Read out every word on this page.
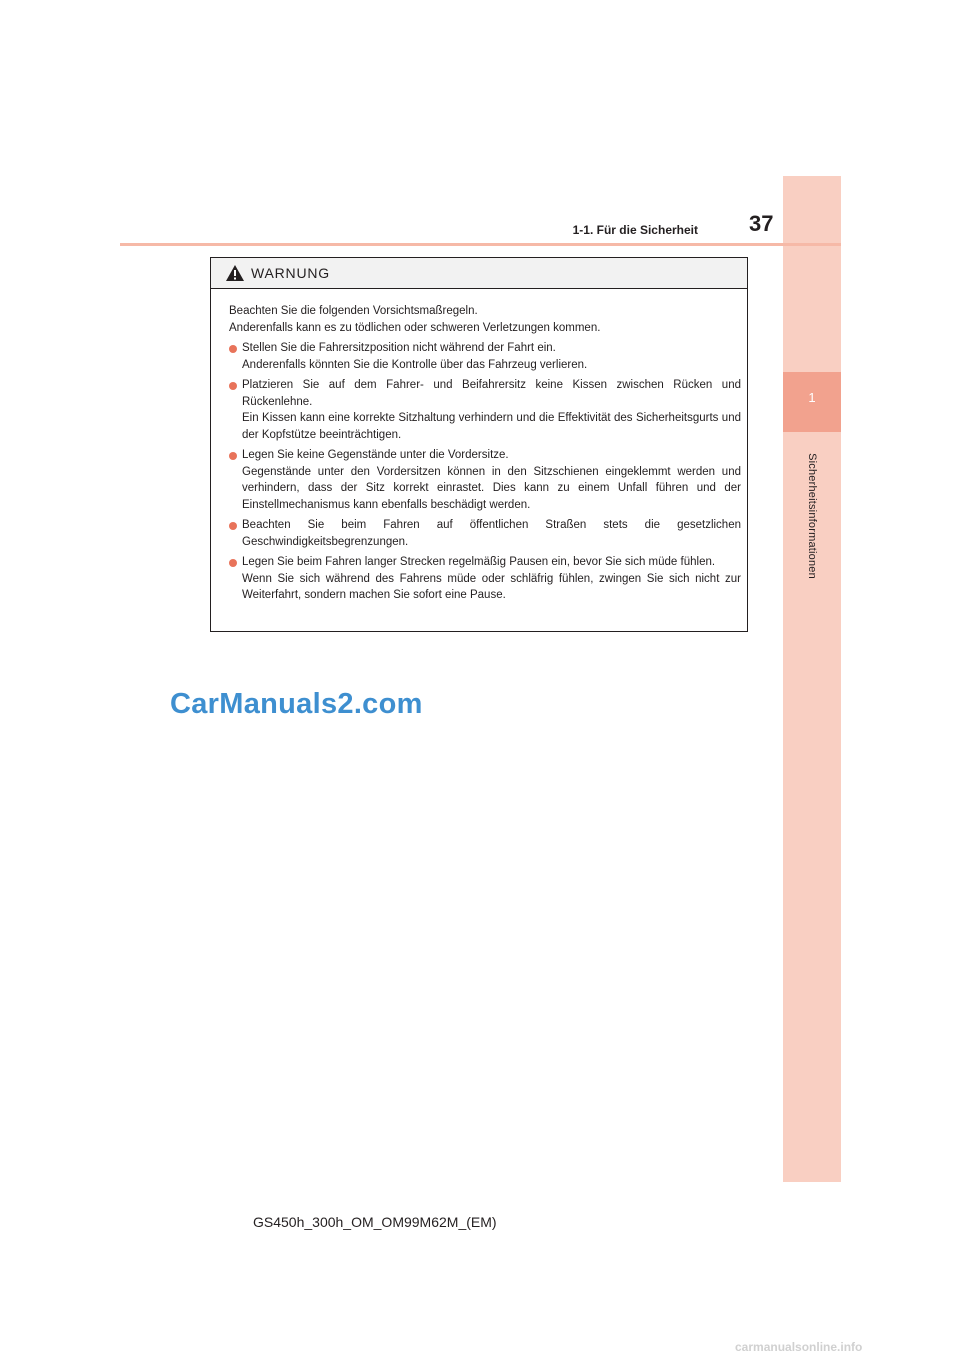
1
Sicherheitsinformationen
1-1. Für die Sicherheit 37
WARNUNG

Beachten Sie die folgenden Vorsichtsmaßregeln.
Anderenfalls kann es zu tödlichen oder schweren Verletzungen kommen.

Stellen Sie die Fahrersitzposition nicht während der Fahrt ein.
Anderenfalls könnten Sie die Kontrolle über das Fahrzeug verlieren.
Platzieren Sie auf dem Fahrer- und Beifahrersitz keine Kissen zwischen Rücken und Rückenlehne.
Ein Kissen kann eine korrekte Sitzhaltung verhindern und die Effektivität des Sicherheitsgurts und der Kopfstütze beeinträchtigen.
Legen Sie keine Gegenstände unter die Vordersitze.
Gegenstände unter den Vordersitzen können in den Sitzschienen eingeklemmt werden und verhindern, dass der Sitz korrekt einrastet. Dies kann zu einem Unfall führen und der Einstellmechanismus kann ebenfalls beschädigt werden.
Beachten Sie beim Fahren auf öffentlichen Straßen stets die gesetzlichen Geschwindigkeitsbegrenzungen.
Legen Sie beim Fahren langer Strecken regelmäßig Pausen ein, bevor Sie sich müde fühlen.
Wenn Sie sich während des Fahrens müde oder schläfrig fühlen, zwingen Sie sich nicht zur Weiterfahrt, sondern machen Sie sofort eine Pause.
CarManuals2.com
GS450h_300h_OM_OM99M62M_(EM)
carmanualsonline.info
